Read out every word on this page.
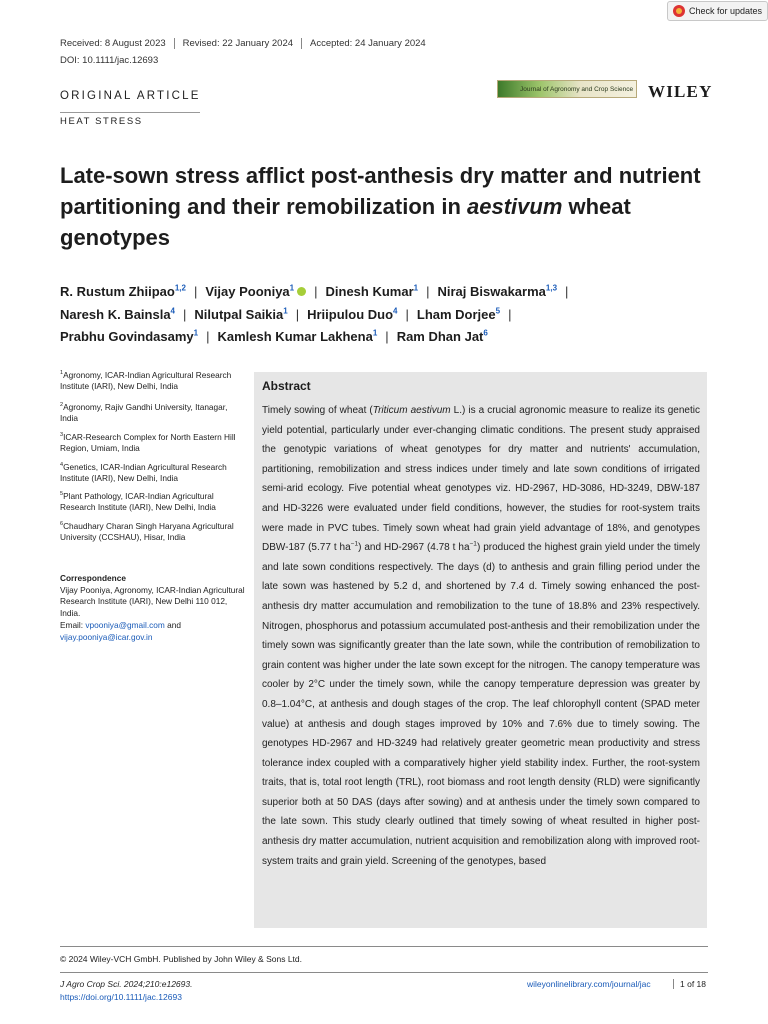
Check for updates
Received: 8 August 2023	Revised: 22 January 2024	Accepted: 24 January 2024
DOI: 10.1111/jac.12693
ORIGINAL ARTICLE
HEAT STRESS
Journal of Agronomy and Crop Science WILEY
Late-sown stress afflict post-anthesis dry matter and nutrient partitioning and their remobilization in aestivum wheat genotypes
R. Rustum Zhiipao$^{1,2}$ | Vijay Pooniya$^1$ | Dinesh Kumar$^1$ | Niraj Biswakarma$^{1,3}$ |
Naresh K. Bainsla$^4$ | Nilutpal Saikia$^1$ | Hriipulou Duo$^4$ | Lham Dorjee$^5$ |
Prabhu Govindasamy$^1$ | Kamlesh Kumar Lakhena$^1$ | Ram Dhan Jat$^6$
$^1$Agronomy, ICAR-Indian Agricultural Research Institute (IARI), New Delhi, India
$^2$Agronomy, Rajiv Gandhi University, Itanagar, India
$^3$ICAR-Research Complex for North Eastern Hill Region, Umiam, India
$^4$Genetics, ICAR-Indian Agricultural Research Institute (IARI), New Delhi, India
$^5$Plant Pathology, ICAR-Indian Agricultural Research Institute (IARI), New Delhi, India
$^6$Chaudhary Charan Singh Haryana Agricultural University (CCSHAU), Hisar, India
Correspondence
Vijay Pooniya, Agronomy, ICAR-Indian Agricultural Research Institute (IARI), New Delhi 110 012, India.
Email: vpooniya@gmail.com and vijay.pooniya@icar.gov.in
Abstract
Timely sowing of wheat (Triticum aestivum L.) is a crucial agronomic measure to realize its genetic yield potential, particularly under ever-changing climatic conditions. The present study appraised the genotypic variations of wheat genotypes for dry matter and nutrients' accumulation, partitioning, remobilization and stress indices under timely and late sown conditions of irrigated semi-arid ecology. Five potential wheat genotypes viz. HD-2967, HD-3086, HD-3249, DBW-187 and HD-3226 were evaluated under field conditions, however, the studies for root-system traits were made in PVC tubes. Timely sown wheat had grain yield advantage of 18%, and genotypes DBW-187 (5.77 t $ha^{-1}$) and HD-2967 (4.78 t $ha^{-1}$) produced the highest grain yield under the timely and late sown conditions respectively. The days (d) to anthesis and grain filling period under the late sown was hastened by 5.2 d, and shortened by 7.4 d. Timely sowing enhanced the post-anthesis dry matter accumulation and remobilization to the tune of 18.8% and 23% respectively. Nitrogen, phosphorus and potassium accumulated post-anthesis and their remobilization under the timely sown was significantly greater than the late sown, while the contribution of remobilization to grain content was higher under the late sown except for the nitrogen. The canopy temperature was cooler by 2°C under the timely sown, while the canopy temperature depression was greater by 0.8–1.04°C, at anthesis and dough stages of the crop. The leaf chlorophyll content (SPAD meter value) at anthesis and dough stages improved by 10% and 7.6% due to timely sowing. The genotypes HD-2967 and HD-3249 had relatively greater geometric mean productivity and stress tolerance index coupled with a comparatively higher yield stability index. Further, the root-system traits, that is, total root length (TRL), root biomass and root length density (RLD) were significantly superior both at 50 DAS (days after sowing) and at anthesis under the timely sown compared to the late sown. This study clearly outlined that timely sowing of wheat resulted in higher post-anthesis dry matter accumulation, nutrient acquisition and remobilization along with improved root-system traits and grain yield. Screening of the genotypes, based
© 2024 Wiley-VCH GmbH. Published by John Wiley & Sons Ltd.
J Agro Crop Sci. 2024;210:e12693.
https://doi.org/10.1111/jac.12693
wileyonlinelibrary.com/journal/jac	1 of 18
